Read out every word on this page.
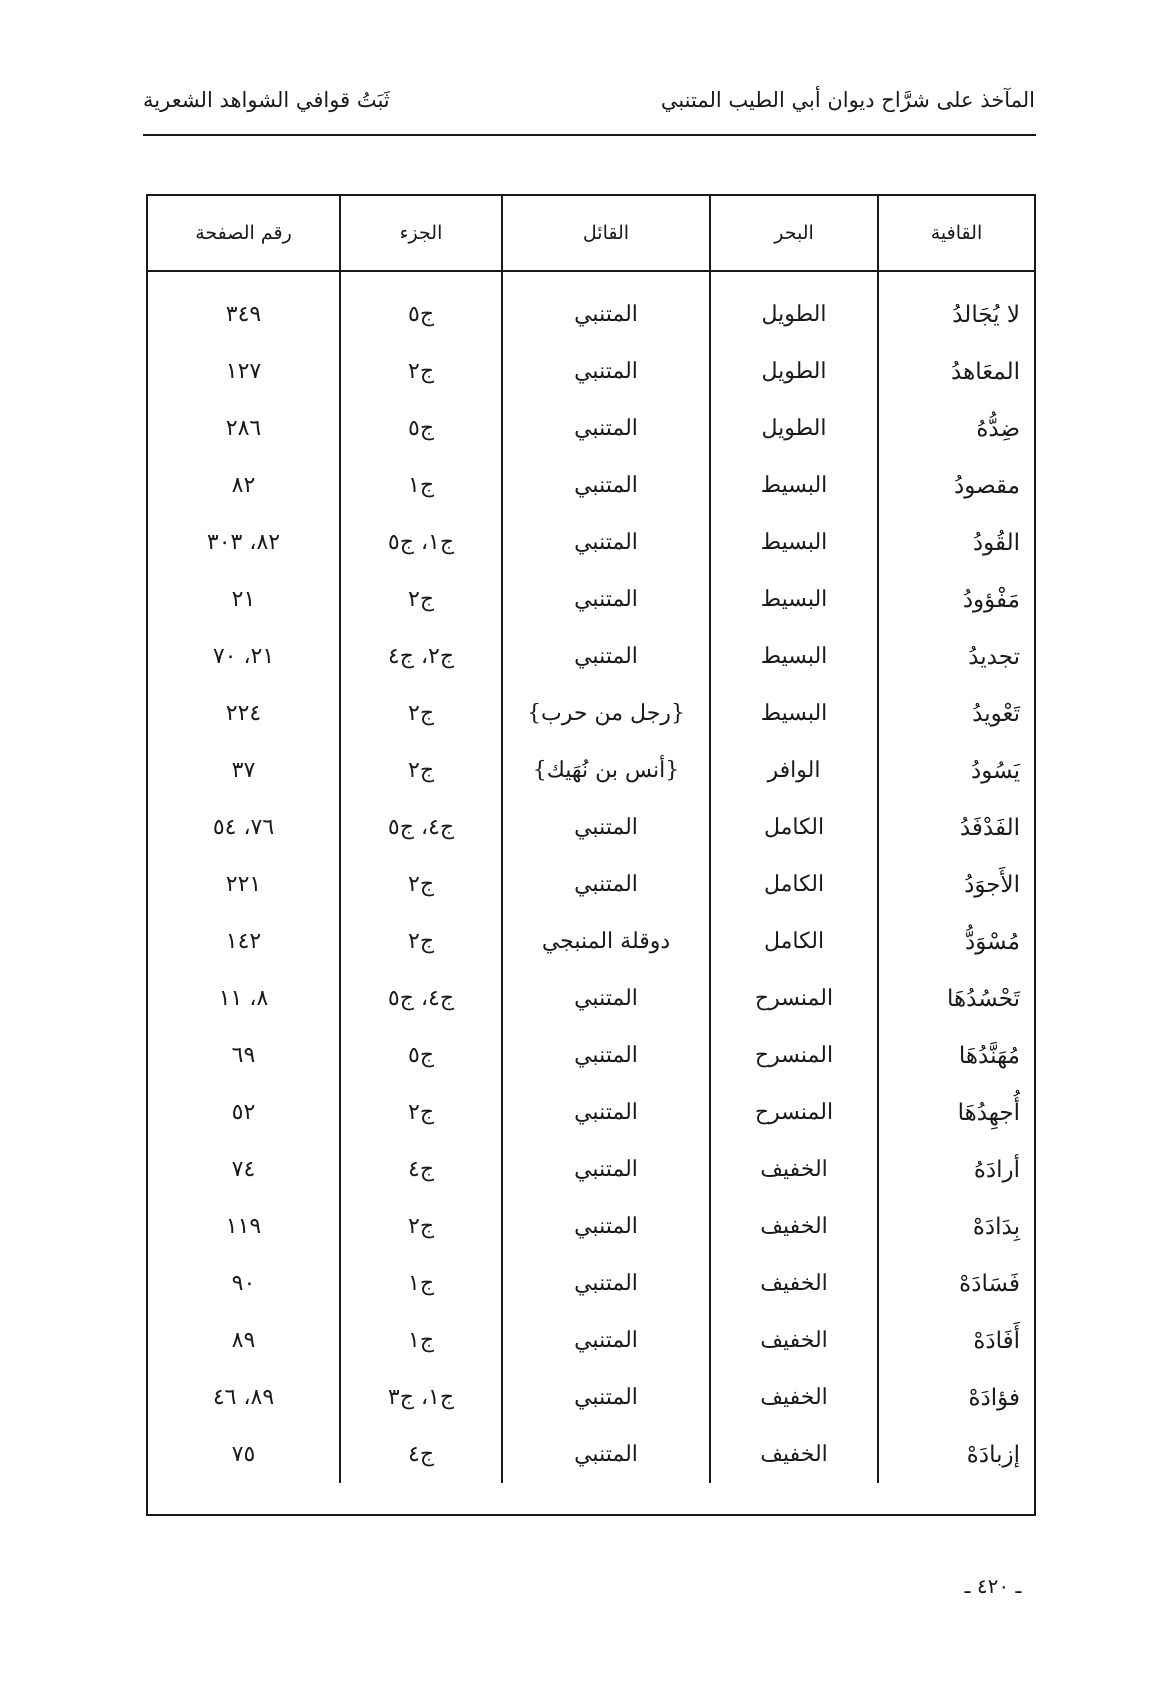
المآخذ على شرَّاح ديوان أبي الطيب المتنبي
ثَبَتُ قوافي الشواهد الشعرية
القافية	البحر	القائل	الجزء	رقم الصفحة
لا يُجَالدُ	الطويل	المتنبي	ج٥	٣٤٩
المعَاهدُ	الطويل	المتنبي	ج٢	١٢٧
ضِدُّهُ	الطويل	المتنبي	ج٥	٢٨٦
مقصودُ	البسيط	المتنبي	ج١	٨٢
القُودُ	البسيط	المتنبي	ج١، ج٥	٨٢، ٣٠٣
مَفْؤودُ	البسيط	المتنبي	ج٢	٢١
تجديدُ	البسيط	المتنبي	ج٢، ج٤	٢١، ٧٠
تَعْويدُ	البسيط	{رجل من حرب}	ج٢	٢٢٤
يَسُودُ	الوافر	{أنس بن نُهَيك}	ج٢	٣٧
الفَدْفَدُ	الكامل	المتنبي	ج٤، ج٥	٧٦، ٥٤
الأَجوَدُ	الكامل	المتنبي	ج٢	٢٢١
مُسْوَدُّ	الكامل	دوقلة المنبجي	ج٢	١٤٢
تَحْسُدُهَا	المنسرح	المتنبي	ج٤، ج٥	٨، ١١
مُهَنَّدُهَا	المنسرح	المتنبي	ج٥	٦٩
أُجهِدُهَا	المنسرح	المتنبي	ج٢	٥٢
أرادَهُ	الخفيف	المتنبي	ج٤	٧٤
بِدَادَهْ	الخفيف	المتنبي	ج٢	١١٩
فَسَادَهْ	الخفيف	المتنبي	ج١	٩٠
أَفَادَهْ	الخفيف	المتنبي	ج١	٨٩
فؤادَهْ	الخفيف	المتنبي	ج١، ج٣	٨٩، ٤٦
إزبادَهْ	الخفيف	المتنبي	ج٤	٧٥

ـ ٤٢٠ ـ
